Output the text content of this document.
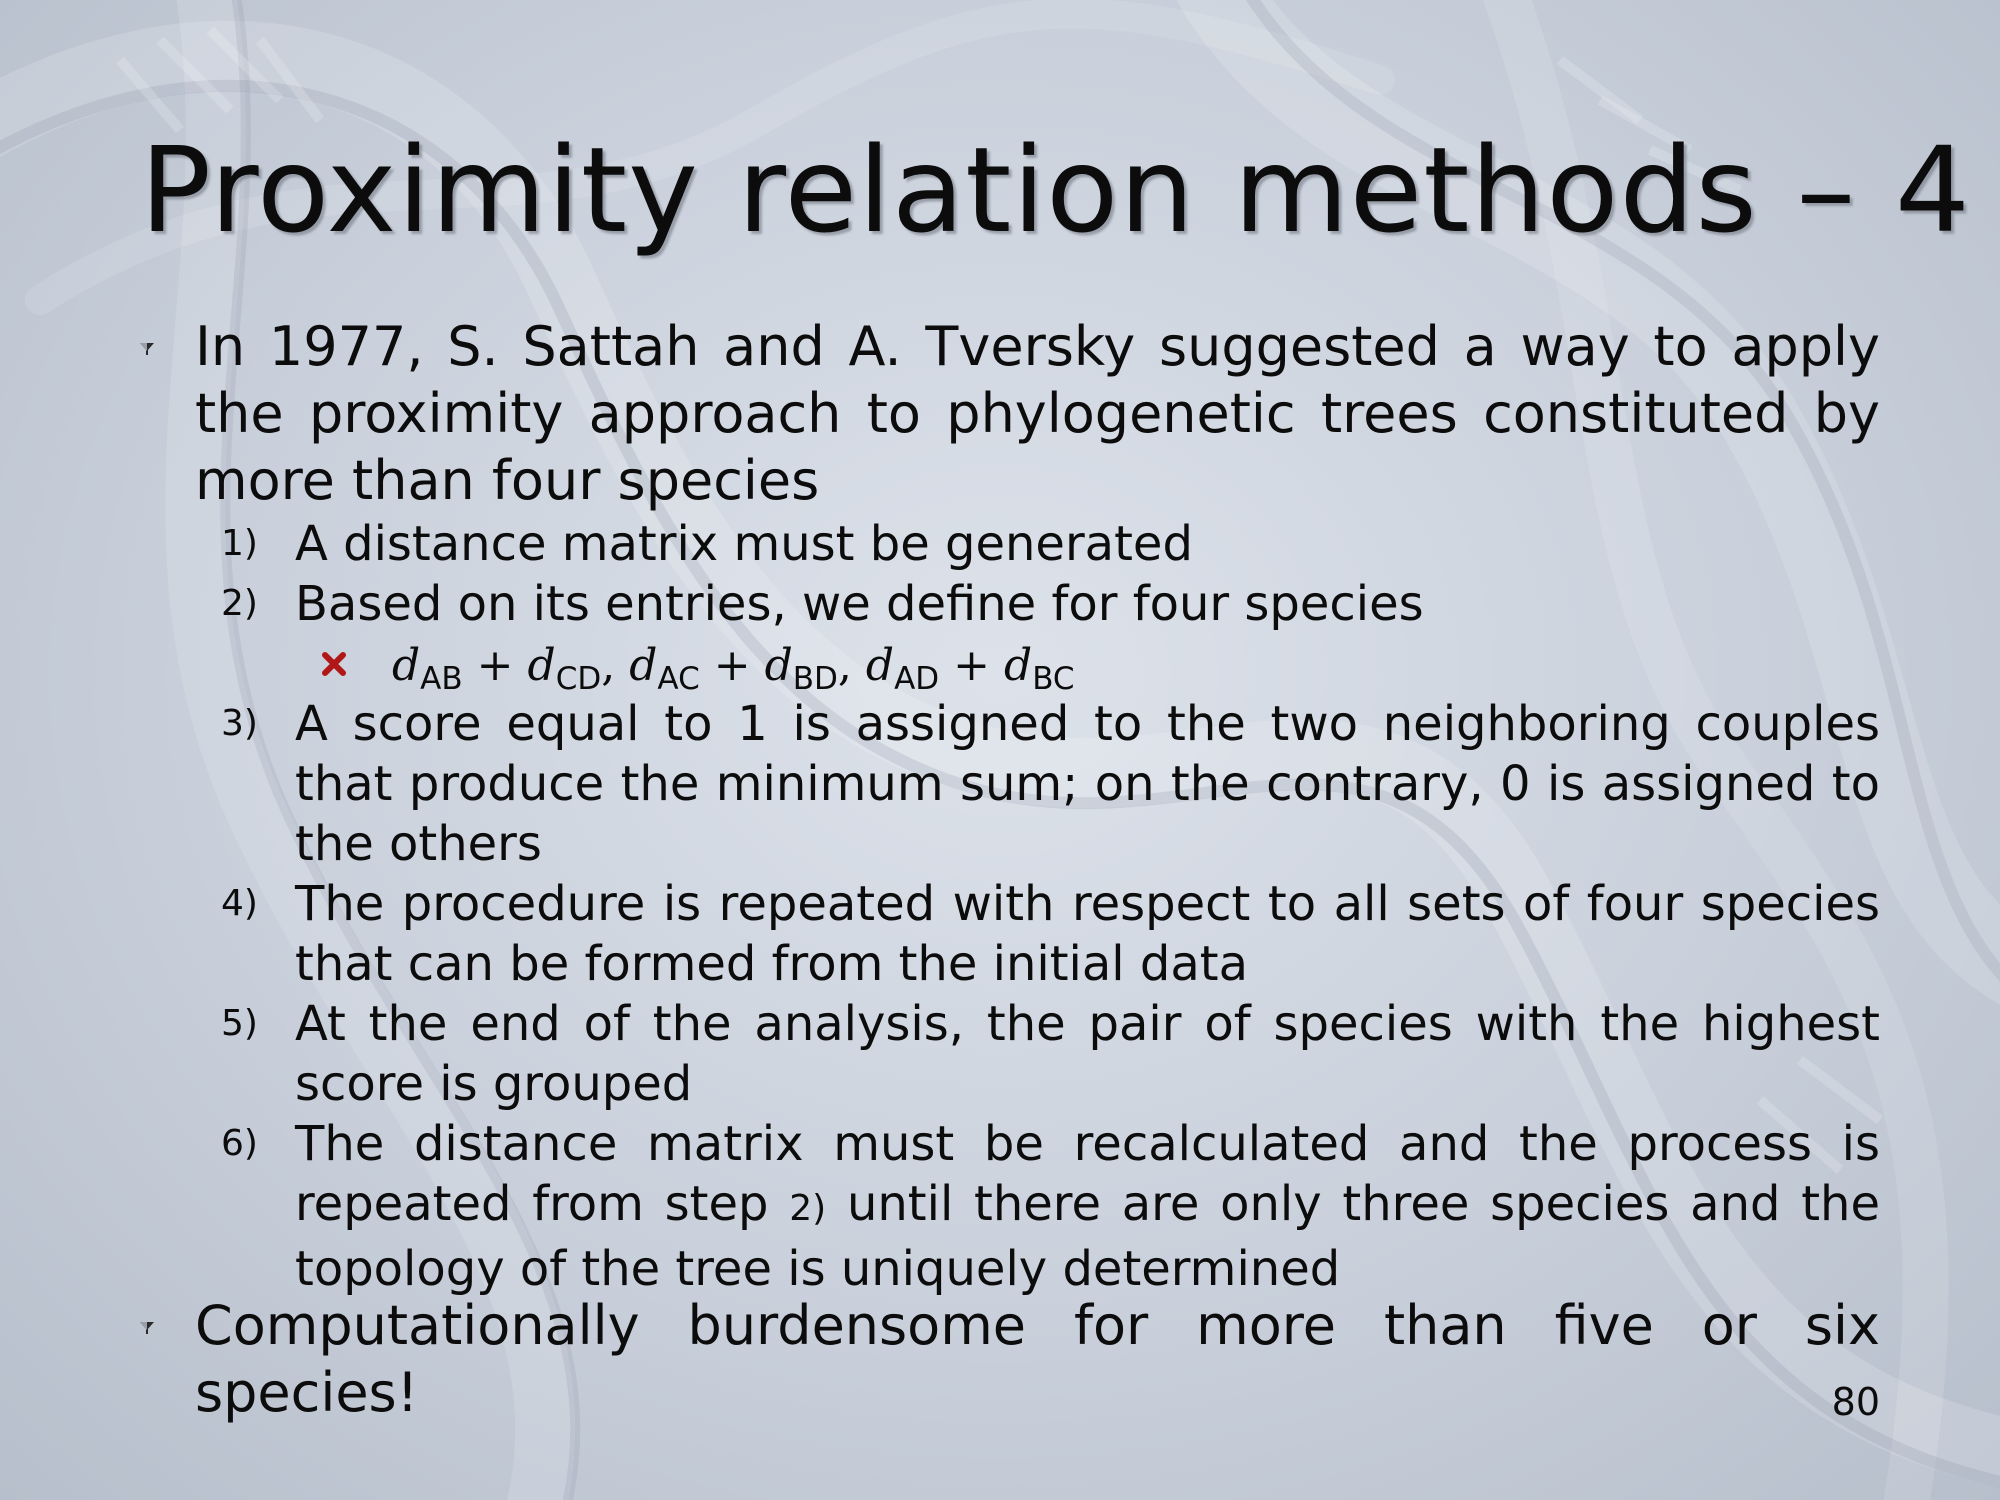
Proximity relation methods – 4
In 1977, S. Sattah and A. Tversky suggested a way to apply the proximity approach to phylogenetic trees constituted by more than four species
1) A distance matrix must be generated
2) Based on its entries, we define for four species
$d_{AB} + d_{CD}$, $d_{AC} + d_{BD}$, $d_{AD} + d_{BC}$
3) A score equal to 1 is assigned to the two neighboring couples that produce the minimum sum; on the contrary, 0 is assigned to the others
4) The procedure is repeated with respect to all sets of four species that can be formed from the initial data
5) At the end of the analysis, the pair of species with the highest score is grouped
6) The distance matrix must be recalculated and the process is repeated from step 2) until there are only three species and the topology of the tree is uniquely determined
Computationally burdensome for more than five or six species!	80
